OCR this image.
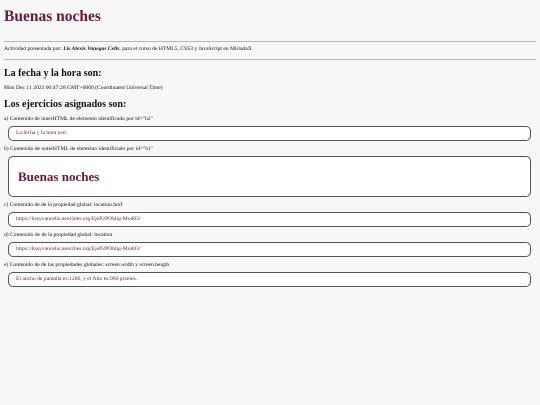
Buenas noches

Actividad presentada por: Lis Alexis Vanegas Cells, para el curso de HTML5, CSS3 y JavaScript en MiriadaX

La fecha y la hora son:

Mon Dec 11 2023 00:47:28 GMT+0000 (Coordinated Universal Time)

Los ejercicios asignados son:

a) Contenido de innerHTML de elemento identificado por id="h2"

La fecha y la hora son:

b) Contenido de outerHTML de elemento identificado por id="h1"

Buenas noches

c) Contenido de de la propiedad global: location.href

https://lissyvancelis.neocities.org/EjeP2POblig-Mod03/

d) Contenido de de la propiedad global: location

https://lissyvancelis.neocities.org/EjeP2POblig-Mod03/

e) Contenido de de las propiedades globales: screen.width y screen.heigth

El ancho de pantalla es:1280, y el Alto es:960 pixeles.
